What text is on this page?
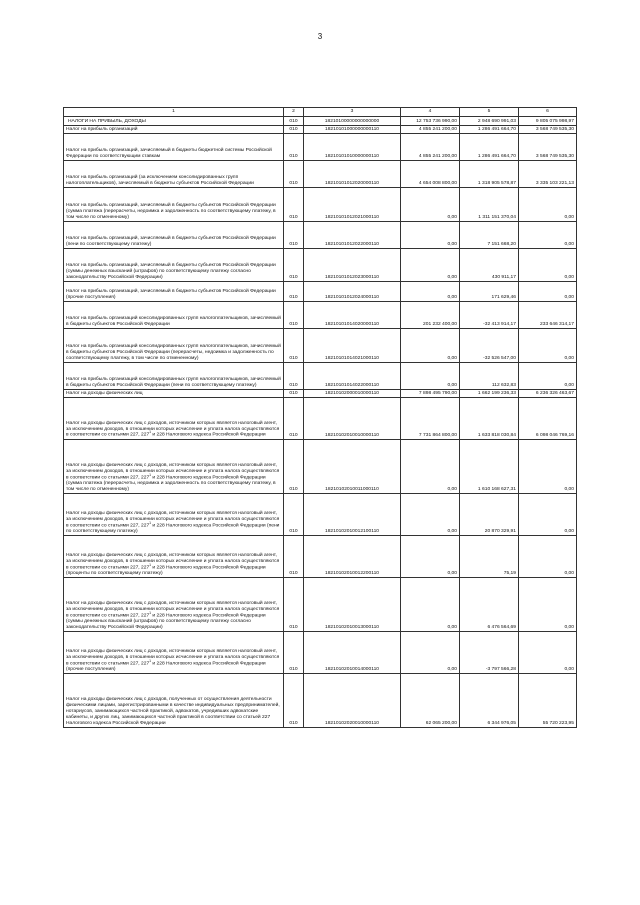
3
1	2	3	4	5	6
НАЛОГИ НА ПРИБЫЛЬ, ДОХОДЫ	010	18210100000000000000	12 753 736 990,00	2 948 690 991,03	9 805 075 998,97
Налог на прибыль организаций	010	18210101000000000110	4 855 241 200,00	1 286 491 664,70	3 568 749 535,30
Налог на прибыль организаций, зачисляемый в бюджеты бюджетной системы Российской Федерации по соответствующим ставкам	010	18210101010000000110	4 855 241 200,00	1 286 491 664,70	3 568 749 535,30
Налог на прибыль организаций (за исключением консолидированных групп налогоплательщиков), зачисляемый в бюджеты субъектов Российской Федерации	010	18210101012020000110	4 654 008 800,00	1 318 905 578,87	3 335 103 221,13
Налог на прибыль организаций, зачисляемый в бюджеты субъектов Российской Федерации (сумма платежа (перерасчеты, недоимка и задолженность по соответствующему платежу, в том числе по отмененному)	010	18210101012021000110	0,00	1 311 151 370,04	0,00
Налог на прибыль организаций, зачисляемый в бюджеты субъектов Российской Федерации (пени по соответствующему платежу)	010	18210101012022000110	0,00	7 151 668,20	0,00
Налог на прибыль организаций, зачисляемый в бюджеты субъектов Российской Федерации (суммы денежных взысканий (штрафов) по соответствующему платежу согласно законодательству Российской Федерации)	010	18210101012023000110	0,00	430 911,17	0,00
Налог на прибыль организаций, зачисляемый в бюджеты субъектов Российской Федерации (прочие поступления)	010	18210101012024000110	0,00	171 629,46	0,00
Налог на прибыль организаций консолидированных групп налогоплательщиков, зачисляемый в бюджеты субъектов Российской Федерации	010	18210101014020000110	201 232 400,00	-32 413 914,17	233 646 314,17
Налог на прибыль организаций консолидированных групп налогоплательщиков, зачисляемый в бюджеты субъектов Российской Федерации (перерасчеты, недоимка и задолженность по соответствующему платежу, в том числе по отмененному)	010	18210101014021000110	0,00	-32 526 547,00	0,00
Налог на прибыль организаций консолидированных групп налогоплательщиков, зачисляемый в бюджеты субъектов Российской Федерации (пени по соответствующему платежу)	010	18210101014022000110	0,00	112 632,83	0,00
Налог на доходы физических лиц	010	18210102000010000110	7 898 495 790,00	1 662 199 236,33	6 236 326 463,67
Налог на доходы физических лиц с доходов, источником которых является налоговый агент, за исключением доходов, в отношении которых исчисление и уплата налога осуществляются в соответствии со статьями 227, $227^1$ и 228 Налогового кодекса Российской Федерации	010	18210102010010000110	7 731 864 800,00	1 633 818 030,84	6 098 046 769,16
Налог на доходы физических лиц с доходов, источником которых является налоговый агент, за исключением доходов, в отношении которых исчисление и уплата налога осуществляются в соответствии со статьями 227, $227^1$ и 228 Налогового кодекса Российской Федерации (сумма платежа (перерасчеты, недоимка и задолженность по соответствующему платежу, в том числе по отмененному)	010	18210102010011000110	0,00	1 610 168 627,31	0,00
Налог на доходы физических лиц с доходов, источником которых является налоговый агент, за исключением доходов, в отношении которых исчисление и уплата налога осуществляются в соответствии со статьями 227, $227^1$ и 228 Налогового кодекса Российской Федерации (пени по соответствующему платежу)	010	18210102010012100110	0,00	20 870 329,91	0,00
Налог на доходы физических лиц с доходов, источником которых является налоговый агент, за исключением доходов, в отношении которых исчисление и уплата налога осуществляются в соответствии со статьями 227, $227^1$ и 228 Налогового кодекса Российской Федерации (проценты по соответствующему платежу)	010	18210102010012200110	0,00	75,19	0,00
Налог на доходы физических лиц с доходов, источником которых является налоговый агент, за исключением доходов, в отношении которых исчисление и уплата налога осуществляются в соответствии со статьями 227, $227^1$ и 228 Налогового кодекса Российской Федерации (суммы денежных взысканий (штрафов) по соответствующему платежу согласно законодательству Российской Федерации)	010	18210102010013000110	0,00	6 476 564,69	0,00
Налог на доходы физических лиц с доходов, источником которых является налоговый агент, за исключением доходов, в отношении которых исчисление и уплата налога осуществляются в соответствии со статьями 227, $227^1$ и 228 Налогового кодекса Российской Федерации (прочие поступления)	010	18210102010014000110	0,00	-3 797 566,28	0,00
Налог на доходы физических лиц с доходов, полученных от осуществления деятельности физическими лицами, зарегистрированными в качестве индивидуальных предпринимателей, нотариусов, занимающихся частной практикой, адвокатов, учредивших адвокатские кабинеты, и других лиц, занимающихся частной практикой в соответствии со статьей 227 Налогового кодекса Российской Федерации	010	18210102020010000110	62 065 200,00	6 344 976,05	55 720 223,95
